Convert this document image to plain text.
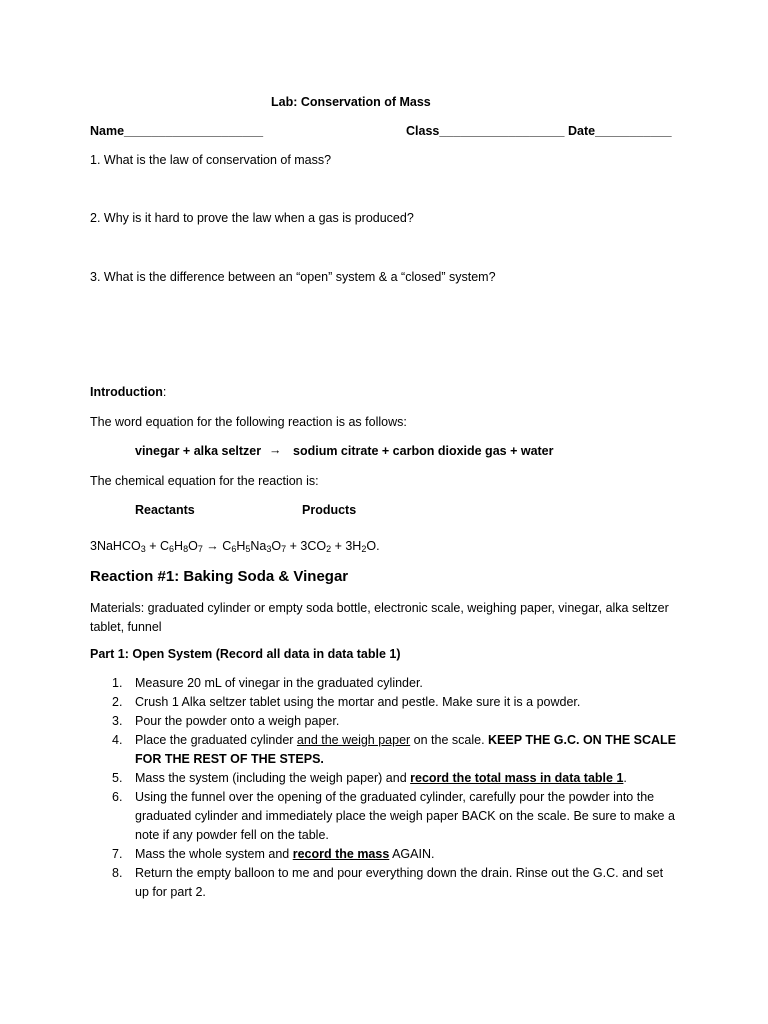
Lab: Conservation of Mass
Name____________________	Class__________________ Date___________
1. What is the law of conservation of mass?
2. Why is it hard to prove the law when a gas is produced?
3. What is the difference between an “open” system & a “closed” system?
Introduction:
The word equation for the following reaction is as follows:
vinegar + alka seltzer → sodium citrate + carbon dioxide gas + water
The chemical equation for the reaction is:
Reactants	Products
3NaHCO$_3$ + $C_6H_8O_7 \to C_6H_5Na_3O_7 + 3CO_2 + 3H_2O$.
Reaction #1: Baking Soda & Vinegar
Materials: graduated cylinder or empty soda bottle, electronic scale, weighing paper, vinegar, alka seltzer tablet, funnel
Part 1: Open System (Record all data in data table 1)
1. Measure 20 mL of vinegar in the graduated cylinder.
2. Crush 1 Alka seltzer tablet using the mortar and pestle. Make sure it is a powder.
3. Pour the powder onto a weigh paper.
4. Place the graduated cylinder and the weigh paper on the scale. KEEP THE G.C. ON THE SCALE FOR THE REST OF THE STEPS.
5. Mass the system (including the weigh paper) and record the total mass in data table 1.
6. Using the funnel over the opening of the graduated cylinder, carefully pour the powder into the graduated cylinder and immediately place the weigh paper BACK on the scale. Be sure to make a note if any powder fell on the table.
7. Mass the whole system and record the mass AGAIN.
8. Return the empty balloon to me and pour everything down the drain. Rinse out the G.C. and set up for part 2.
